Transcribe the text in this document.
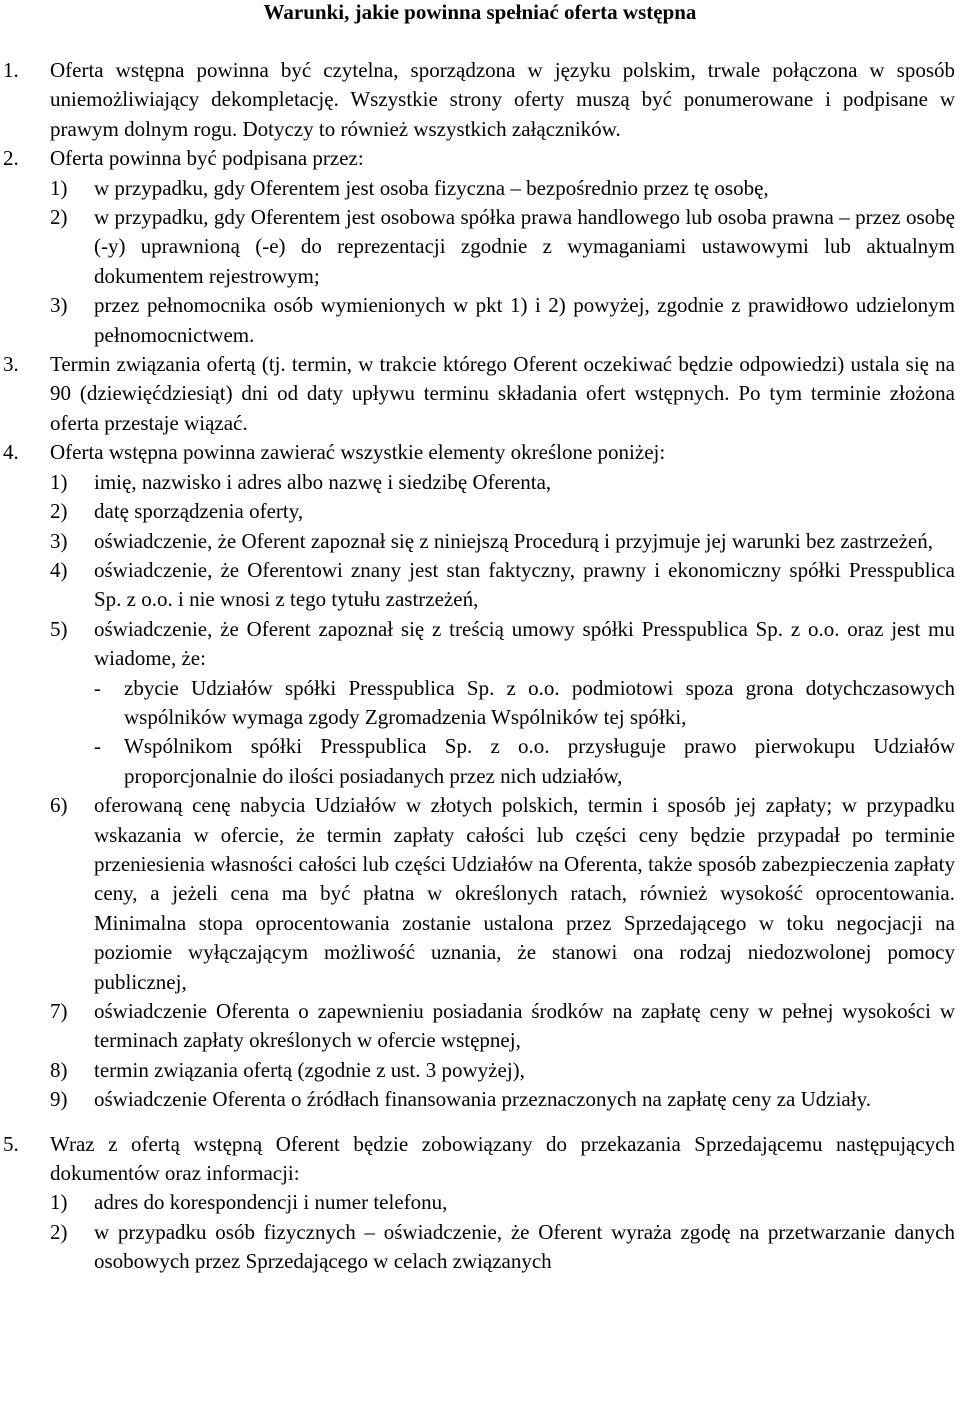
Warunki, jakie powinna spełniać oferta wstępna
1. Oferta wstępna powinna być czytelna, sporządzona w języku polskim, trwale połączona w sposób uniemożliwiający dekompletację. Wszystkie strony oferty muszą być ponumerowane i podpisane w prawym dolnym rogu. Dotyczy to również wszystkich załączników.
2. Oferta powinna być podpisana przez:
1) w przypadku, gdy Oferentem jest osoba fizyczna – bezpośrednio przez tę osobę,
2) w przypadku, gdy Oferentem jest osobowa spółka prawa handlowego lub osoba prawna – przez osobę (-y) uprawnioną (-e) do reprezentacji zgodnie z wymaganiami ustawowymi lub aktualnym dokumentem rejestrowym;
3) przez pełnomocnika osób wymienionych w pkt 1) i 2) powyżej, zgodnie z prawidłowo udzielonym pełnomocnictwem.
3. Termin związania ofertą (tj. termin, w trakcie którego Oferent oczekiwać będzie odpowiedzi) ustala się na 90 (dziewięćdziesiąt) dni od daty upływu terminu składania ofert wstępnych. Po tym terminie złożona oferta przestaje wiązać.
4. Oferta wstępna powinna zawierać wszystkie elementy określone poniżej:
1) imię, nazwisko i adres albo nazwę i siedzibę Oferenta,
2) datę sporządzenia oferty,
3) oświadczenie, że Oferent zapoznał się z niniejszą Procedurą i przyjmuje jej warunki bez zastrzeżeń,
4) oświadczenie, że Oferentowi znany jest stan faktyczny, prawny i ekonomiczny spółki Presspublica Sp. z o.o. i nie wnosi z tego tytułu zastrzeżeń,
5) oświadczenie, że Oferent zapoznał się z treścią umowy spółki Presspublica Sp. z o.o. oraz jest mu wiadome, że:
- zbycie Udziałów spółki Presspublica Sp. z o.o. podmiotowi spoza grona dotychczasowych wspólników wymaga zgody Zgromadzenia Wspólników tej spółki,
- Wspólnikom spółki Presspublica Sp. z o.o. przysługuje prawo pierwokupu Udziałów proporcjonalnie do ilości posiadanych przez nich udziałów,
6) oferowaną cenę nabycia Udziałów w złotych polskich, termin i sposób jej zapłaty; w przypadku wskazania w ofercie, że termin zapłaty całości lub części ceny będzie przypadał po terminie przeniesienia własności całości lub części Udziałów na Oferenta, także sposób zabezpieczenia zapłaty ceny, a jeżeli cena ma być płatna w określonych ratach, również wysokość oprocentowania. Minimalna stopa oprocentowania zostanie ustalona przez Sprzedającego w toku negocjacji na poziomie wyłączającym możliwość uznania, że stanowi ona rodzaj niedozwolonej pomocy publicznej,
7) oświadczenie Oferenta o zapewnieniu posiadania środków na zapłatę ceny w pełnej wysokości w terminach zapłaty określonych w ofercie wstępnej,
8) termin związania ofertą (zgodnie z ust. 3 powyżej),
9) oświadczenie Oferenta o źródłach finansowania przeznaczonych na zapłatę ceny za Udziały.
5. Wraz z ofertą wstępną Oferent będzie zobowiązany do przekazania Sprzedającemu następujących dokumentów oraz informacji:
1) adres do korespondencji i numer telefonu,
2) w przypadku osób fizycznych – oświadczenie, że Oferent wyraża zgodę na przetwarzanie danych osobowych przez Sprzedającego w celach związanych
